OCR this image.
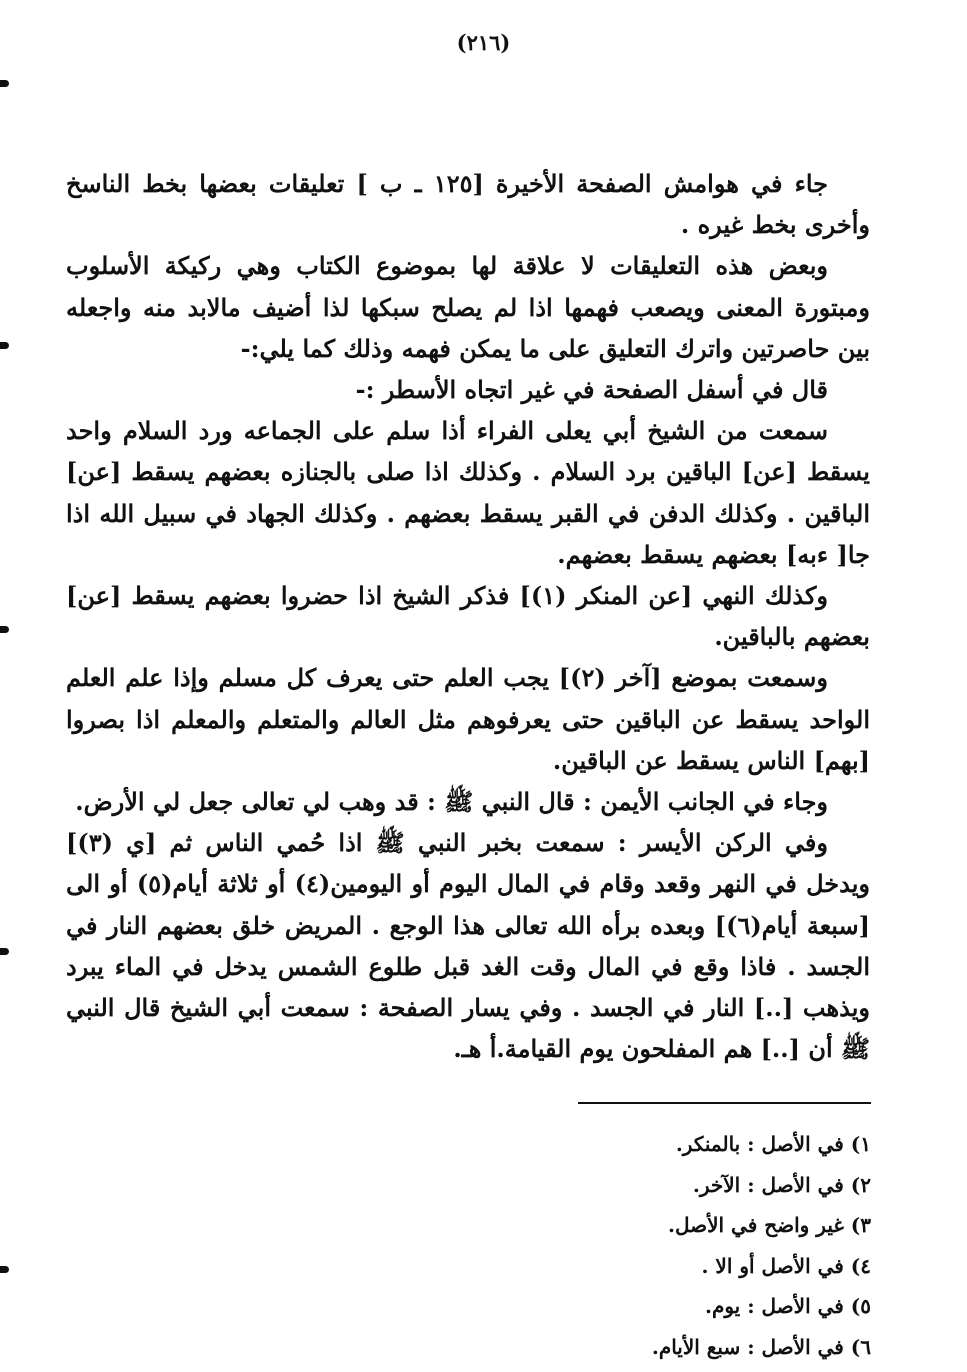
(٢١٦)

جاء في هوامش الصفحة الأخيرة [١٢٥ ـ ب ] تعليقات بعضها بخط الناسخ وأخرى بخط غيره .

وبعض هذه التعليقات لا علاقة لها بموضوع الكتاب وهي ركيكة الأسلوب ومبتورة المعنى ويصعب فهمها اذا لم يصلح سبكها لذا أضيف مالابد منه واجعله بين حاصرتين واترك التعليق على ما يمكن فهمه وذلك كما يلي:-

قال في أسفل الصفحة في غير اتجاه الأسطر :-

سمعت من الشيخ أبي يعلى الفراء أذا سلم على الجماعه ورد السلام واحد يسقط [عن] الباقين برد السلام . وكذلك اذا صلى بالجنازه بعضهم يسقط [عن] الباقين . وكذلك الدفن في القبر يسقط بعضهم . وكذلك الجهاد في سبيل الله اذا جا[ ءبه] بعضهم يسقط بعضهم.

وكذلك النهي [عن المنكر (١)] فذكر الشيخ اذا حضروا بعضهم يسقط [عن] بعضهم بالباقين.

وسمعت بموضع [آخر (٢)] يجب العلم حتى يعرف كل مسلم وإذا علم العلم الواحد يسقط عن الباقين حتى يعرفوهم مثل العالم والمتعلم والمعلم اذا بصروا [بهم] الناس يسقط عن الباقين.

وجاء في الجانب الأيمن : قال النبي ﷺ : قد وهب لي تعالى جعل لي الأرض.

وفي الركن الأيسر : سمعت بخبر النبي ﷺ اذا حُمي الناس ثم [ي (٣)] ويدخل في النهر وقعد وقام في المال اليوم أو اليومين(٤) أو ثلاثة أيام(٥) أو الى [سبعة أيام(٦)] وبعده برأه الله تعالى هذا الوجع . المريض خلق بعضهم النار في الجسد . فاذا وقع في المال وقت الغد قبل طلوع الشمس يدخل في الماء يبرد ويذهب [..] النار في الجسد . وفي يسار الصفحة : سمعت أبي الشيخ قال النبي ﷺ أن [..] هم المفلحون يوم القيامة.أ هـ.

١) في الأصل : بالمنكر.
٢) في الأصل : الآخر.
٣) غير واضح في الأصل.
٤) في الأصل أو الا .
٥) في الأصل : يوم.
٦) في الأصل : سبع الأيام.
